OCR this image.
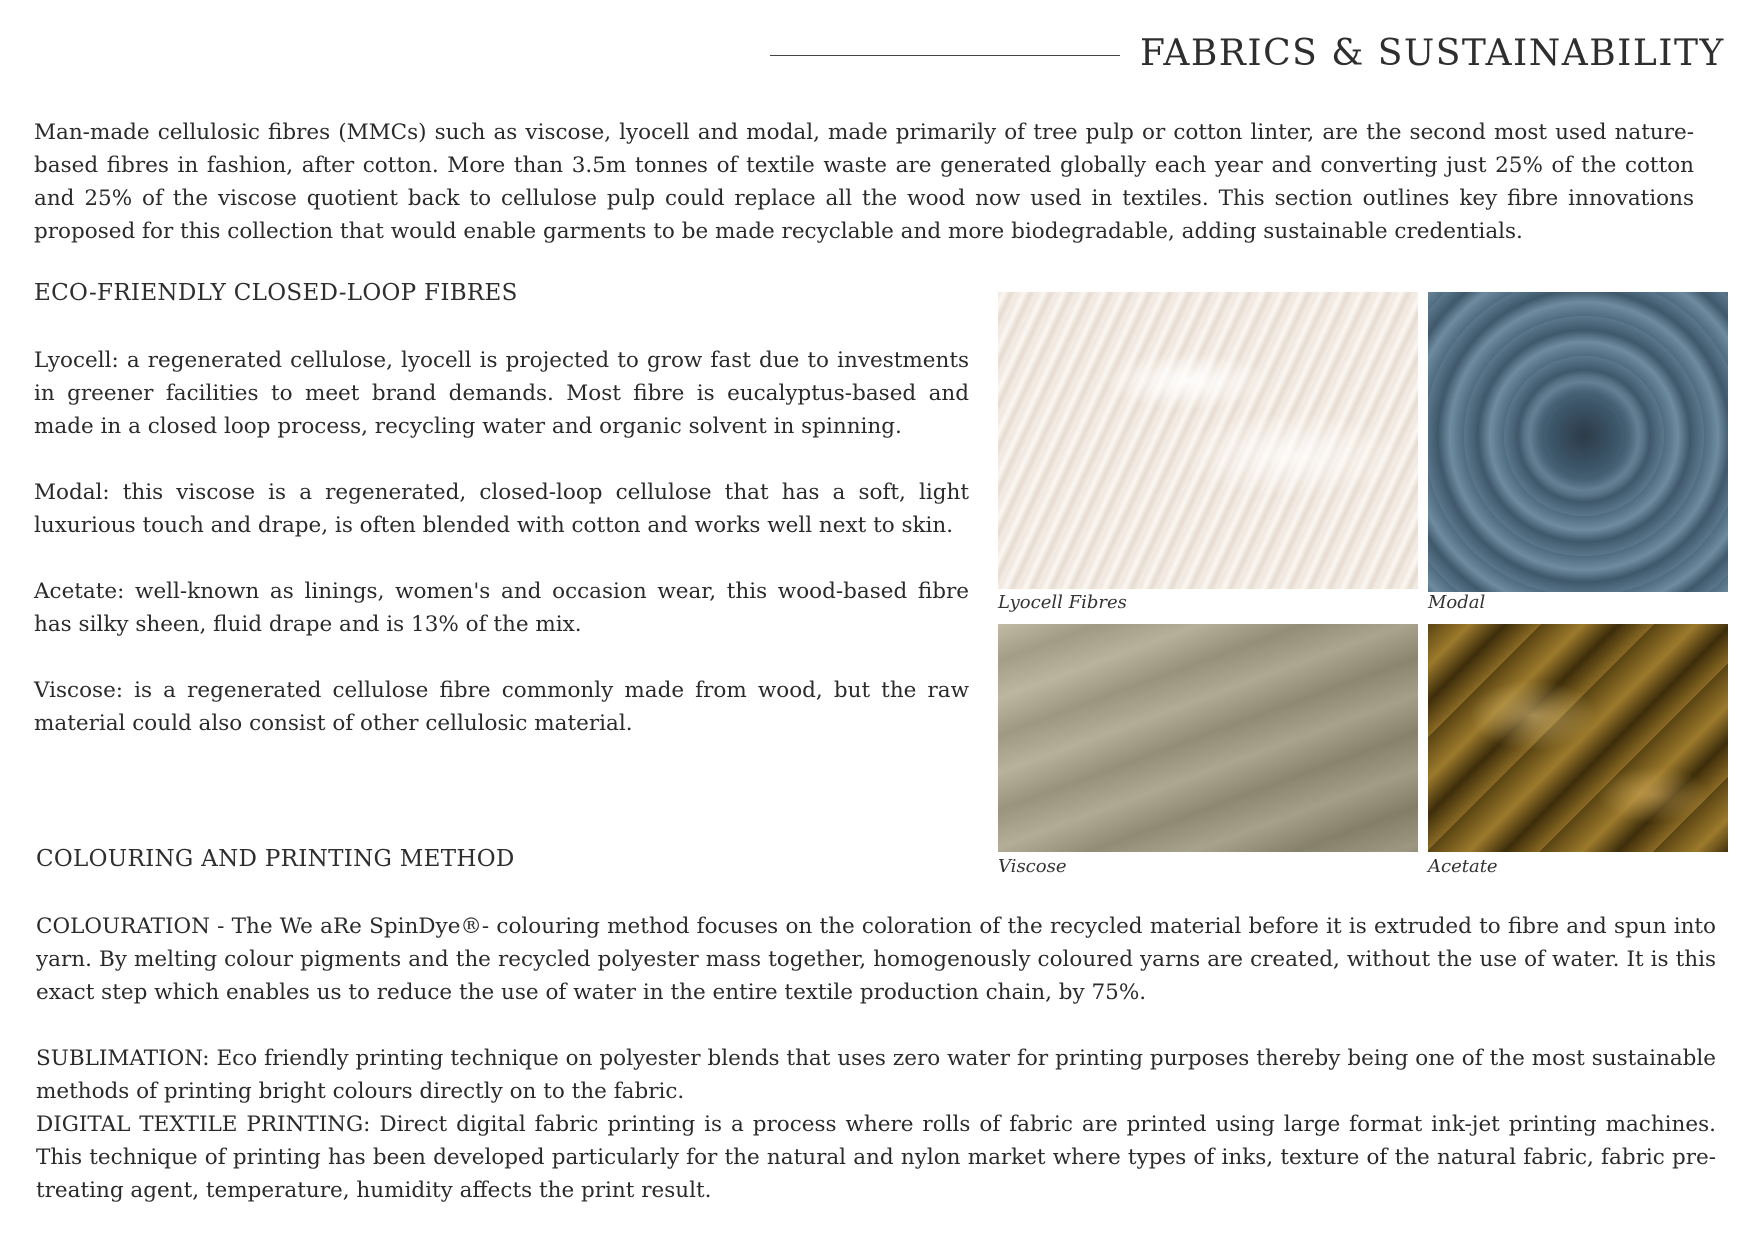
FABRICS & SUSTAINABILITY

Man-made cellulosic fibres (MMCs) such as viscose, lyocell and modal, made primarily of tree pulp or cotton linter, are the second most used nature-based fibres in fashion, after cotton. More than 3.5m tonnes of textile waste are generated globally each year and converting just 25% of the cotton and 25% of the viscose quotient back to cellulose pulp could replace all the wood now used in textiles. This section outlines key fibre innovations proposed for this collection that would enable garments to be made recyclable and more biodegradable, adding sustainable credentials.

ECO-FRIENDLY CLOSED-LOOP FIBRES

Lyocell: a regenerated cellulose, lyocell is projected to grow fast due to investments in greener facilities to meet brand demands. Most fibre is eucalyptus-based and made in a closed loop process, recycling water and organic solvent in spinning.

Modal: this viscose is a regenerated, closed-loop cellulose that has a soft, light luxurious touch and drape, is often blended with cotton and works well next to skin.

Acetate: well-known as linings, women's and occasion wear, this wood-based fibre has silky sheen, fluid drape and is 13% of the mix.

Viscose: is a regenerated cellulose fibre commonly made from wood, but the raw material could also consist of other cellulosic material.

Lyocell Fibres	Modal
Viscose	Acetate
COLOURING AND PRINTING METHOD

COLOURATION - The We aRe SpinDye®- colouring method focuses on the coloration of the recycled material before it is extruded to fibre and spun into yarn. By melting colour pigments and the recycled polyester mass together, homogenously coloured yarns are created, without the use of water. It is this exact step which enables us to reduce the use of water in the entire textile production chain, by 75%.

SUBLIMATION: Eco friendly printing technique on polyester blends that uses zero water for printing purposes thereby being one of the most sustainable methods of printing bright colours directly on to the fabric.

DIGITAL TEXTILE PRINTING: Direct digital fabric printing is a process where rolls of fabric are printed using large format ink-jet printing machines. This technique of printing has been developed particularly for the natural and nylon market where types of inks, texture of the natural fabric, fabric pre-treating agent, temperature, humidity affects the print result.
